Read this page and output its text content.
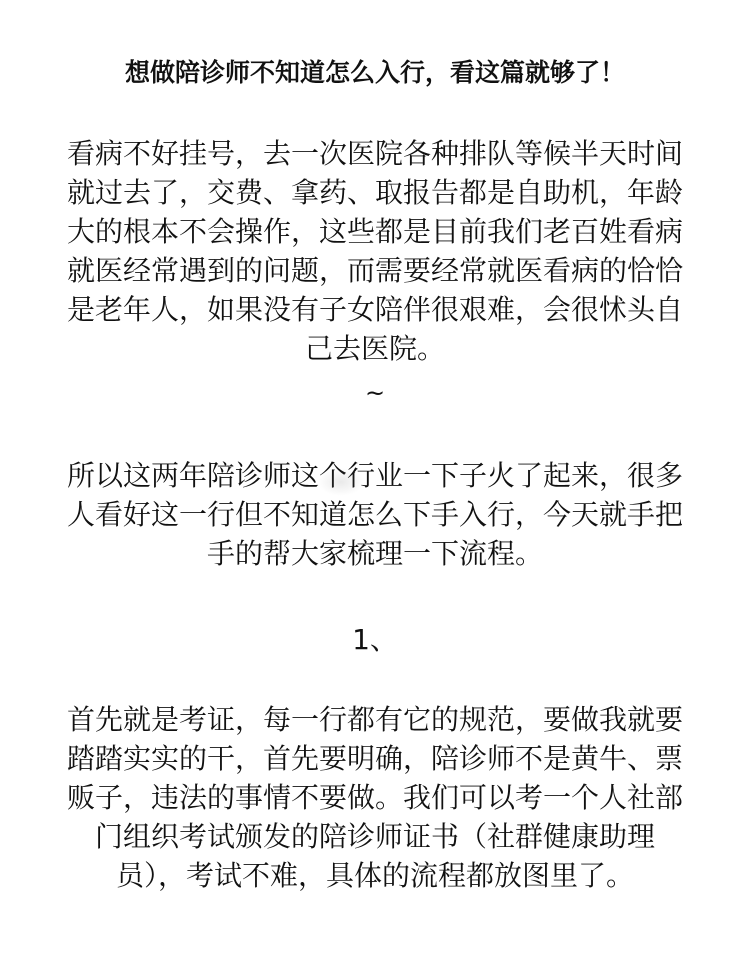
想做陪诊师不知道怎么入行，看这篇就够了！
看病不好挂号，去一次医院各种排队等候半天时间
就过去了，交费、拿药、取报告都是自助机，年龄
大的根本不会操作，这些都是目前我们老百姓看病
就医经常遇到的问题，而需要经常就医看病的恰恰
是老年人，如果没有子女陪伴很艰难，会很怵头自
己去医院。
~
所以这两年陪诊师这个行业一下子火了起来，很多
人看好这一行但不知道怎么下手入行，今天就手把
手的帮大家梳理一下流程。
1、
首先就是考证，每一行都有它的规范，要做我就要
踏踏实实的干，首先要明确，陪诊师不是黄牛、票
贩子，违法的事情不要做。我们可以考一个人社部
门组织考试颁发的陪诊师证书（社群健康助理
员），考试不难，具体的流程都放图里了。
